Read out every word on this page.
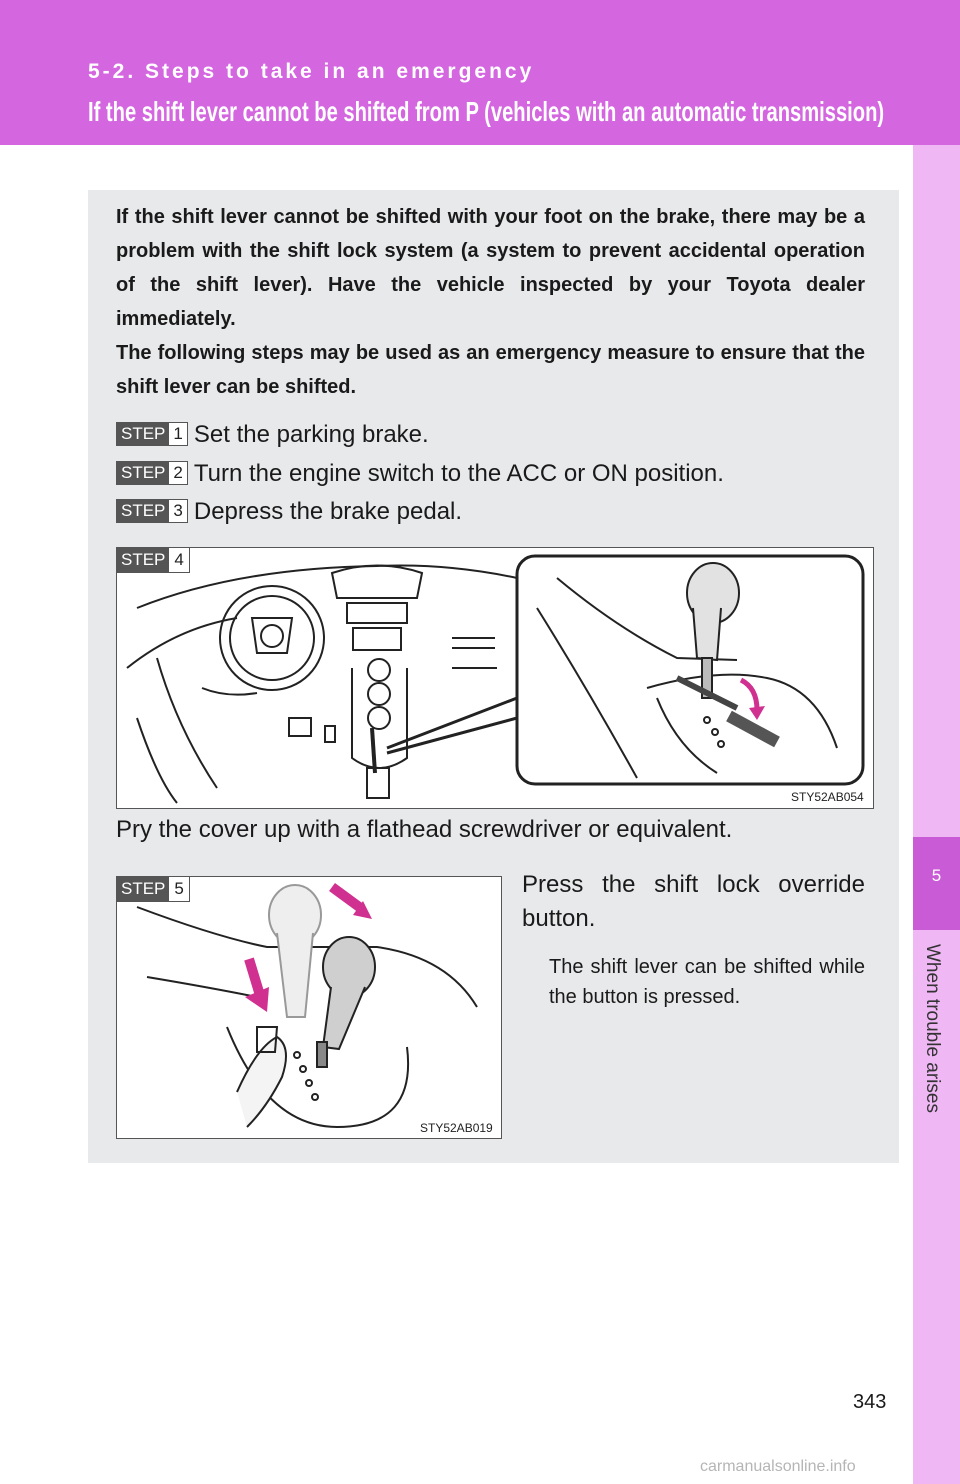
5-2. Steps to take in an emergency
If the shift lever cannot be shifted from P (vehicles with an automatic transmission)
5
When trouble arises

If the shift lever cannot be shifted with your foot on the brake, there may be a problem with the shift lock system (a system to prevent accidental operation of the shift lever). Have the vehicle inspected by your Toyota dealer immediately.

The following steps may be used as an emergency measure to ensure that the shift lever can be shifted.

STEP 1 Set the parking brake.
STEP 2 Turn the engine switch to the ACC or ON position.
STEP 3 Depress the brake pedal.
STEP 4
STY52AB054
Pry the cover up with a flathead screwdriver or equivalent.
STEP 5
STY52AB019
Press the shift lock override button.
The shift lever can be shifted while the button is pressed.
343
carmanualsonline.info
